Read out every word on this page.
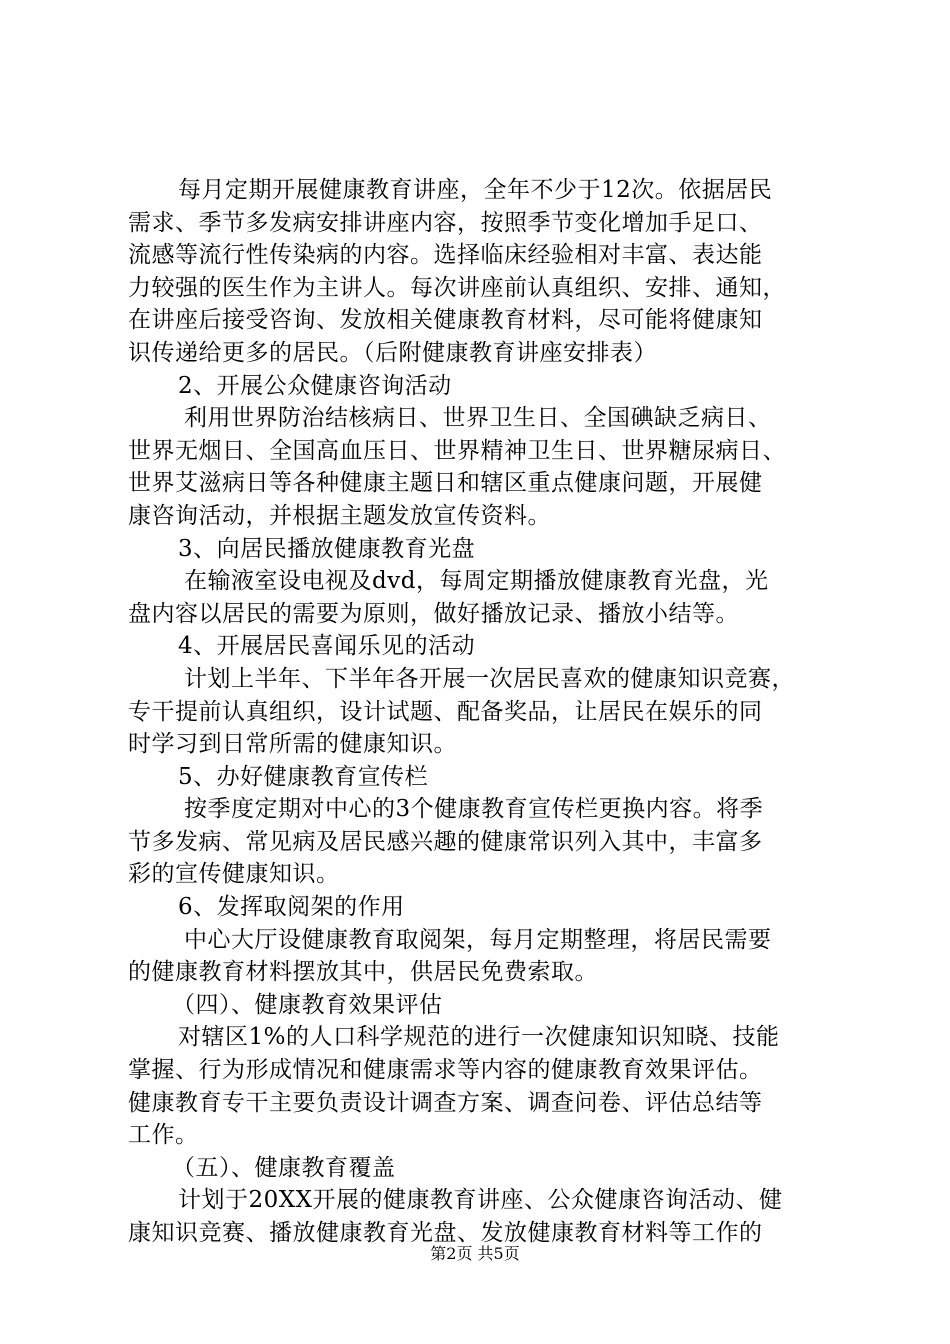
每月定期开展健康教育讲座，全年不少于12次。依据居民
需求、季节多发病安排讲座内容，按照季节变化增加手足口、
流感等流行性传染病的内容。选择临床经验相对丰富、表达能
力较强的医生作为主讲人。每次讲座前认真组织、安排、通知，
在讲座后接受咨询、发放相关健康教育材料，尽可能将健康知
识传递给更多的居民。（后附健康教育讲座安排表）
2、开展公众健康咨询活动
利用世界防治结核病日、世界卫生日、全国碘缺乏病日、
世界无烟日、全国高血压日、世界精神卫生日、世界糖尿病日、
世界艾滋病日等各种健康主题日和辖区重点健康问题，开展健
康咨询活动，并根据主题发放宣传资料。
3、向居民播放健康教育光盘
在输液室设电视及dvd，每周定期播放健康教育光盘，光
盘内容以居民的需要为原则，做好播放记录、播放小结等。
4、开展居民喜闻乐见的活动
计划上半年、下半年各开展一次居民喜欢的健康知识竞赛，
专干提前认真组织，设计试题、配备奖品，让居民在娱乐的同
时学习到日常所需的健康知识。
5、办好健康教育宣传栏
按季度定期对中心的3个健康教育宣传栏更换内容。将季
节多发病、常见病及居民感兴趣的健康常识列入其中，丰富多
彩的宣传健康知识。
6、发挥取阅架的作用
中心大厅设健康教育取阅架，每月定期整理，将居民需要
的健康教育材料摆放其中，供居民免费索取。
（四）、健康教育效果评估
对辖区1%的人口科学规范的进行一次健康知识知晓、技能
掌握、行为形成情况和健康需求等内容的健康教育效果评估。
健康教育专干主要负责设计调查方案、调查问卷、评估总结等
工作。
（五）、健康教育覆盖
计划于20XX开展的健康教育讲座、公众健康咨询活动、健
康知识竞赛、播放健康教育光盘、发放健康教育材料等工作的
第2页 共5页
